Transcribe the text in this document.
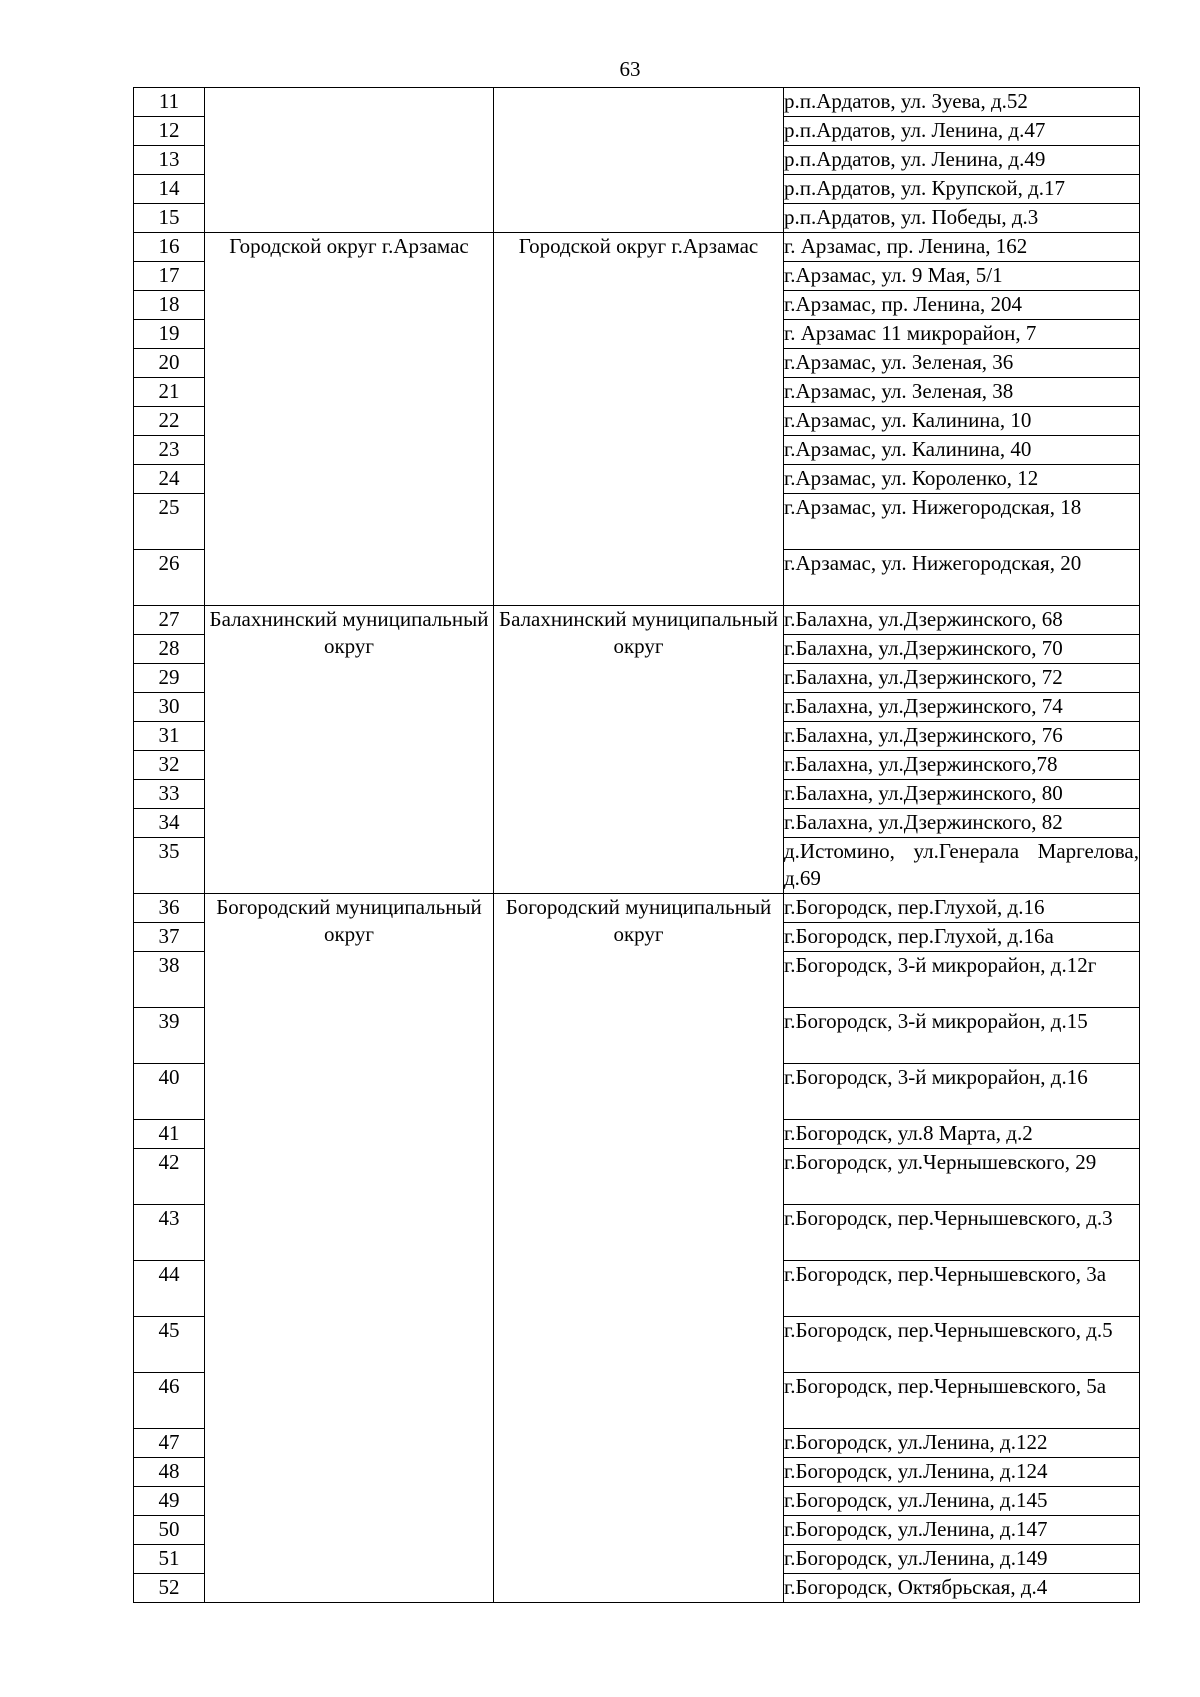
63
11			р.п.Ардатов, ул. Зуева, д.52
12			р.п.Ардатов, ул. Ленина, д.47
13			р.п.Ардатов, ул. Ленина, д.49
14			р.п.Ардатов, ул. Крупской, д.17
15			р.п.Ардатов, ул. Победы, д.3
16	Городской округ г.Арзамас	Городской округ г.Арзамас	г. Арзамас, пр. Ленина, 162
17			г.Арзамас, ул. 9 Мая, 5/1
18			г.Арзамас, пр. Ленина, 204
19			г. Арзамас 11 микрорайон, 7
20			г.Арзамас, ул. Зеленая, 36
21			г.Арзамас, ул. Зеленая, 38
22			г.Арзамас, ул. Калинина, 10
23			г.Арзамас, ул. Калинина, 40
24			г.Арзамас, ул. Короленко, 12
25			г.Арзамас, ул. Нижегородская, 18
26			г.Арзамас, ул. Нижегородская, 20
27	Балахнинский муниципальный округ	Балахнинский муниципальный округ	г.Балахна, ул.Дзержинского, 68
28			г.Балахна, ул.Дзержинского, 70
29			г.Балахна, ул.Дзержинского, 72
30			г.Балахна, ул.Дзержинского, 74
31			г.Балахна, ул.Дзержинского, 76
32			г.Балахна, ул.Дзержинского,78
33			г.Балахна, ул.Дзержинского, 80
34			г.Балахна, ул.Дзержинского, 82
35			д.Истомино, ул.Генерала Маргелова, д.69
36	Богородский муниципальный округ	Богородский муниципальный округ	г.Богородск, пер.Глухой, д.16
37			г.Богородск, пер.Глухой, д.16а
38			г.Богородск, 3-й микрорайон, д.12г
39			г.Богородск, 3-й микрорайон, д.15
40			г.Богородск, 3-й микрорайон, д.16
41			г.Богородск, ул.8 Марта, д.2
42			г.Богородск, ул.Чернышевского, 29
43			г.Богородск, пер.Чернышевского, д.3
44			г.Богородск, пер.Чернышевского, 3а
45			г.Богородск, пер.Чернышевского, д.5
46			г.Богородск, пер.Чернышевского, 5а
47			г.Богородск, ул.Ленина, д.122
48			г.Богородск, ул.Ленина, д.124
49			г.Богородск, ул.Ленина, д.145
50			г.Богородск, ул.Ленина, д.147
51			г.Богородск, ул.Ленина, д.149
52			г.Богородск, Октябрьская, д.4
